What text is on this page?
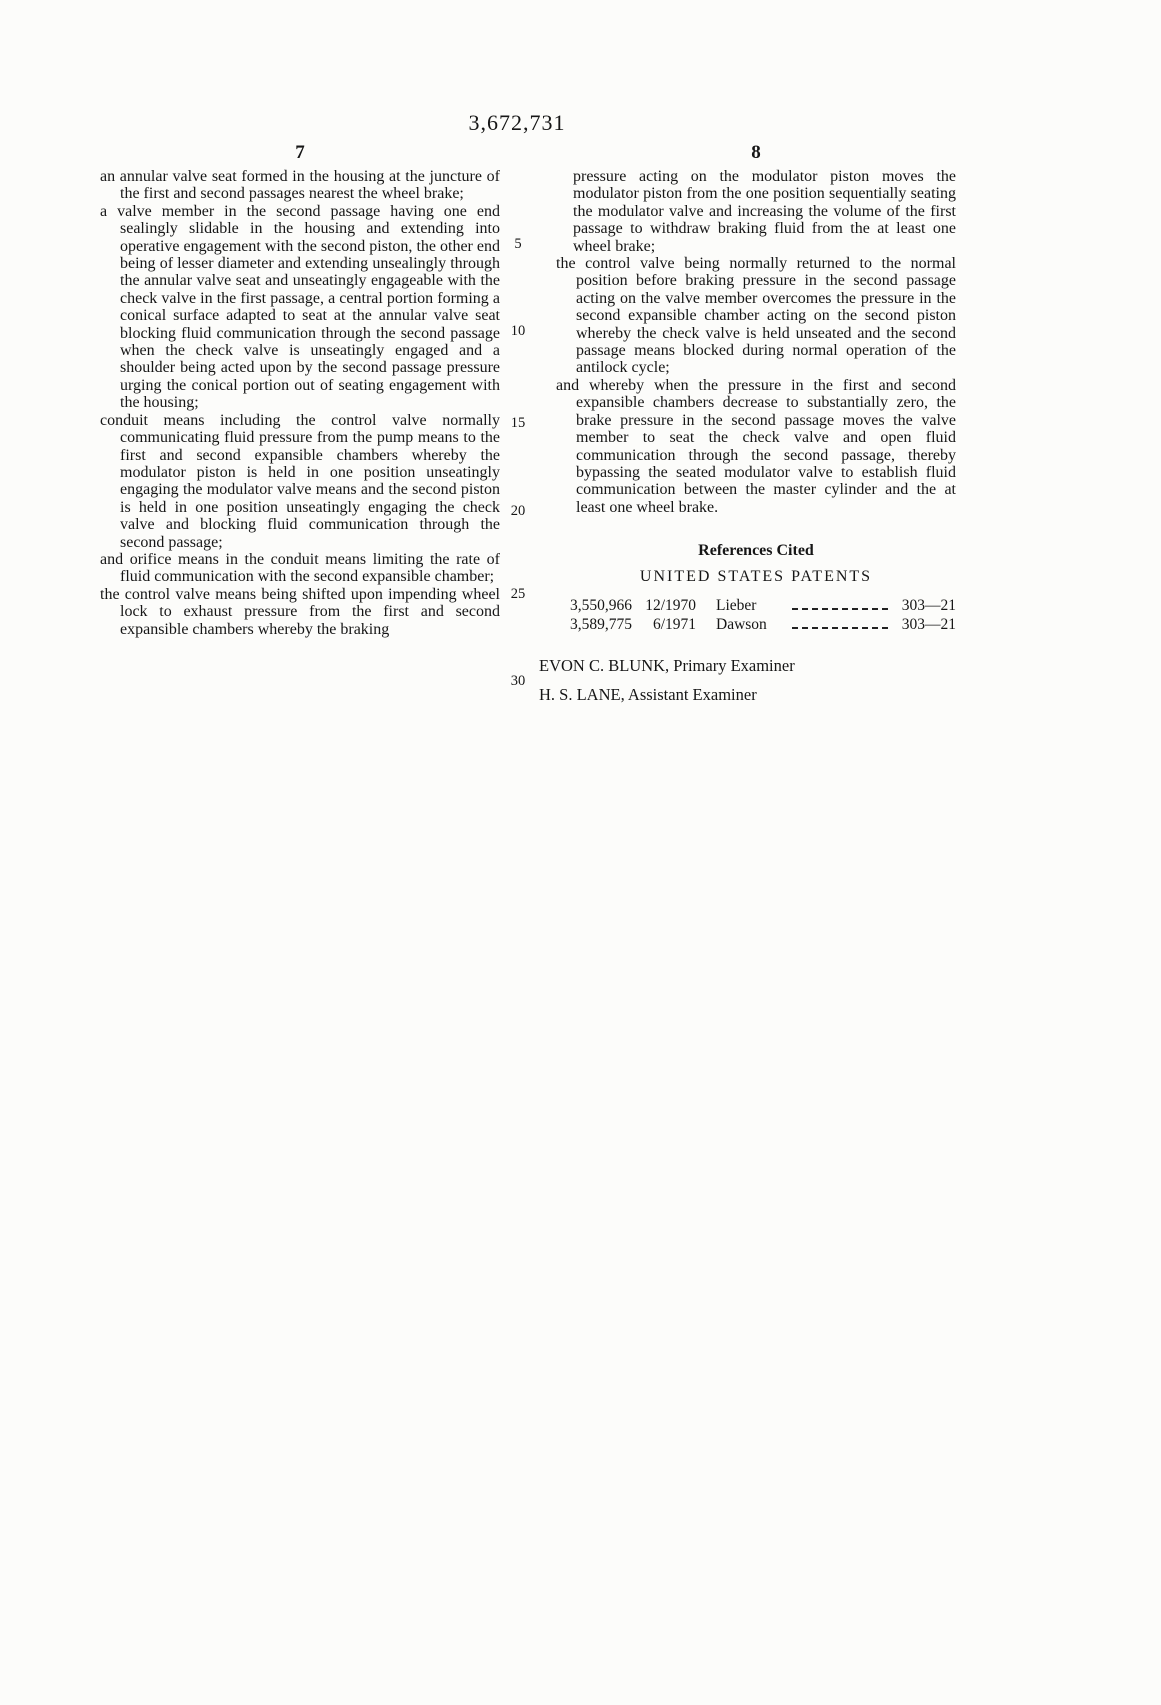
3,672,731
5
10
15
20
25
30
7

an annular valve seat formed in the housing at the juncture of the first and second passages nearest the wheel brake;

a valve member in the second passage having one end sealingly slidable in the housing and extending into operative engagement with the second piston, the other end being of lesser diameter and extending unsealingly through the annular valve seat and unseatingly engageable with the check valve in the first passage, a central portion forming a conical surface adapted to seat at the annular valve seat blocking fluid communication through the second passage when the check valve is unseatingly engaged and a shoulder being acted upon by the second passage pressure urging the conical portion out of seating engagement with the housing;

conduit means including the control valve normally communicating fluid pressure from the pump means to the first and second expansible chambers whereby the modulator piston is held in one position unseatingly engaging the modulator valve means and the second piston is held in one position unseatingly engaging the check valve and blocking fluid communication through the second passage;

and orifice means in the conduit means limiting the rate of fluid communication with the second expansible chamber;

the control valve means being shifted upon impending wheel lock to exhaust pressure from the first and second expansible chambers whereby the braking

8

pressure acting on the modulator piston moves the modulator piston from the one position sequentially seating the modulator valve and increasing the volume of the first passage to withdraw braking fluid from the at least one wheel brake;

the control valve being normally returned to the normal position before braking pressure in the second passage acting on the valve member overcomes the pressure in the second expansible chamber acting on the second piston whereby the check valve is held unseated and the second passage means blocked during normal operation of the antilock cycle;

and whereby when the pressure in the first and second expansible chambers decrease to substantially zero, the brake pressure in the second passage moves the valve member to seat the check valve and open fluid communication through the second passage, thereby bypassing the seated modulator valve to establish fluid communication between the master cylinder and the at least one wheel brake.

References Cited
UNITED STATES PATENTS
3,550,966 12/1970 Lieber	303—21
3,589,775	6/1971 Dawson	303—21

EVON C. BLUNK, Primary Examiner

H. S. LANE, Assistant Examiner
